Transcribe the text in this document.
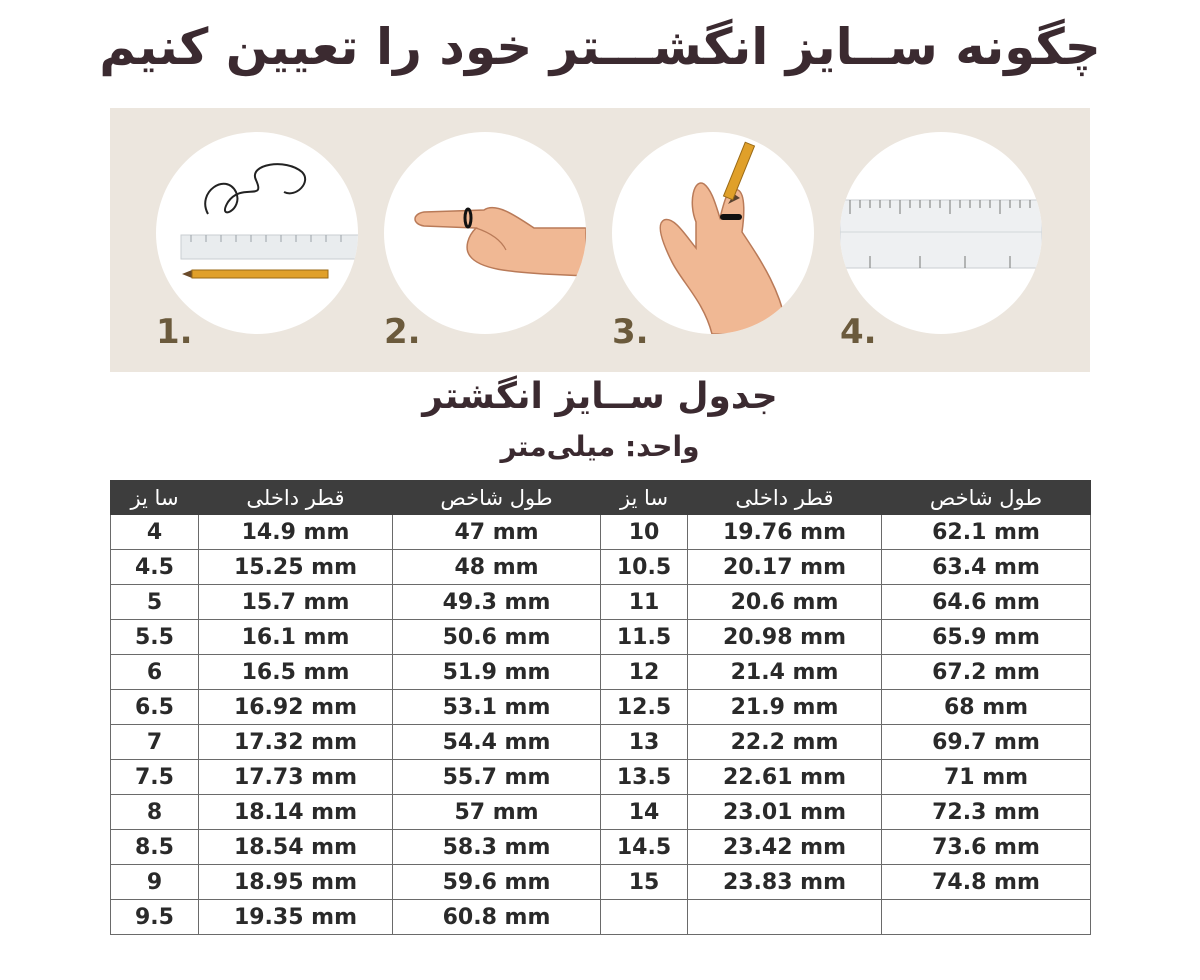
چگونه ســایز انگشـــتر خود را تعیین کنیم
1.	2.	3.	4.
جدول ســایز انگشتر
واحد: میلی‌متر
سا یز	قطر داخلی	طول شاخص	سا یز	قطر داخلی	طول شاخص
4	14.9 mm	47 mm	10	19.76 mm	62.1 mm
4.5	15.25 mm	48 mm	10.5	20.17 mm	63.4 mm
5	15.7 mm	49.3 mm	11	20.6 mm	64.6 mm
5.5	16.1 mm	50.6 mm	11.5	20.98 mm	65.9 mm
6	16.5 mm	51.9 mm	12	21.4 mm	67.2 mm
6.5	16.92 mm	53.1 mm	12.5	21.9 mm	68 mm
7	17.32 mm	54.4 mm	13	22.2 mm	69.7 mm
7.5	17.73 mm	55.7 mm	13.5	22.61 mm	71 mm
8	18.14 mm	57 mm	14	23.01 mm	72.3 mm
8.5	18.54 mm	58.3 mm	14.5	23.42 mm	73.6 mm
9	18.95 mm	59.6 mm	15	23.83 mm	74.8 mm
9.5	19.35 mm	60.8 mm			
